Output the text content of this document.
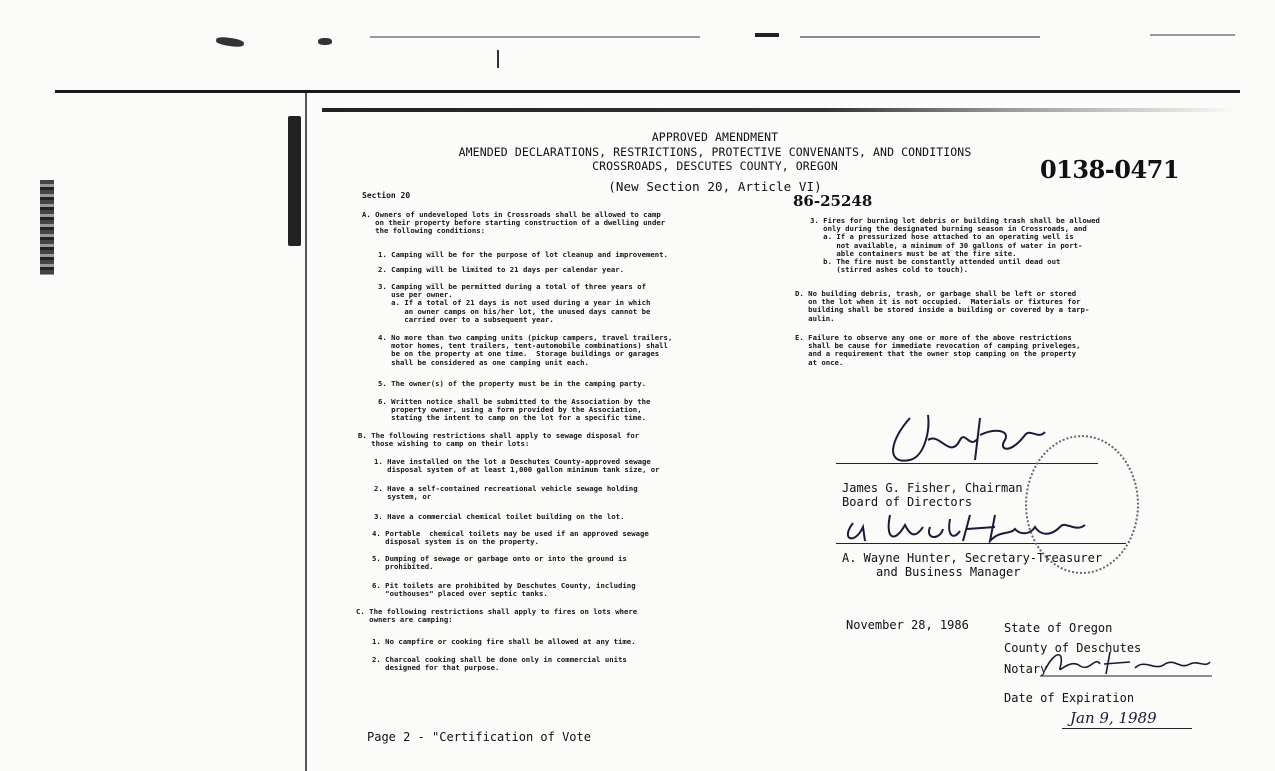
APPROVED AMENDMENT
AMENDED DECLARATIONS, RESTRICTIONS, PROTECTIVE CONVENANTS, AND CONDITIONS
CROSSROADS, DESCUTES COUNTY, OREGON
(New Section 20, Article VI)
0138-0471
86-25248
Section 20
A. Owners of undeveloped lots in Crossroads shall be allowed to camp
on their property before starting construction of a dwelling under
the following conditions:
1. Camping will be for the purpose of lot cleanup and improvement.
2. Camping will be limited to 21 days per calendar year.
3. Camping will be permitted during a total of three years of
use per owner.
a. If a total of 21 days is not used during a year in which
an owner camps on his/her lot, the unused days cannot be
carried over to a subsequent year.
4. No more than two camping units (pickup campers, travel trailers,
motor homes, tent trailers, tent-automobile combinations) shall
be on the property at one time.  Storage buildings or garages
shall be considered as one camping unit each.
5. The owner(s) of the property must be in the camping party.
6. Written notice shall be submitted to the Association by the
property owner, using a form provided by the Association,
stating the intent to camp on the lot for a specific time.
B. The following restrictions shall apply to sewage disposal for
those wishing to camp on their lots:
1. Have installed on the lot a Deschutes County-approved sewage
disposal system of at least 1,000 gallon minimum tank size, or
2. Have a self-contained recreational vehicle sewage holding
system, or
3. Have a commercial chemical toilet building on the lot.
4. Portable  chemical toilets may be used if an approved sewage
disposal system is on the property.
5. Dumping of sewage or garbage onto or into the ground is
prohibited.
6. Pit toilets are prohibited by Deschutes County, including
"outhouses" placed over septic tanks.
C. The following restrictions shall apply to fires on lots where
owners are camping:
1. No campfire or cooking fire shall be allowed at any time.
2. Charcoal cooking shall be done only in commercial units
designed for that purpose.
3. Fires for burning lot debris or building trash shall be allowed
only during the designated burning season in Crossroads, and
a. If a pressurized hose attached to an operating well is
not available, a minimum of 30 gallons of water in port-
able containers must be at the fire site.
b. The fire must be constantly attended until dead out
(stirred ashes cold to touch).
D. No building debris, trash, or garbage shall be left or stored
on the lot when it is not occupied.  Materials or fixtures for
building shall be stored inside a building or covered by a tarp-
aulin.
E. Failure to observe any one or more of the above restrictions
shall be cause for immediate revocation of camping priveleges,
and a requirement that the owner stop camping on the property
at once.
James G. Fisher, Chairman
Board of Directors
A. Wayne Hunter, Secretary-Treasurer
and Business Manager
November 28, 1986	State of Oregon
County of Deschutes
Notary
Date of Expiration
Jan 9, 1989
Page 2 - "Certification of Vote
